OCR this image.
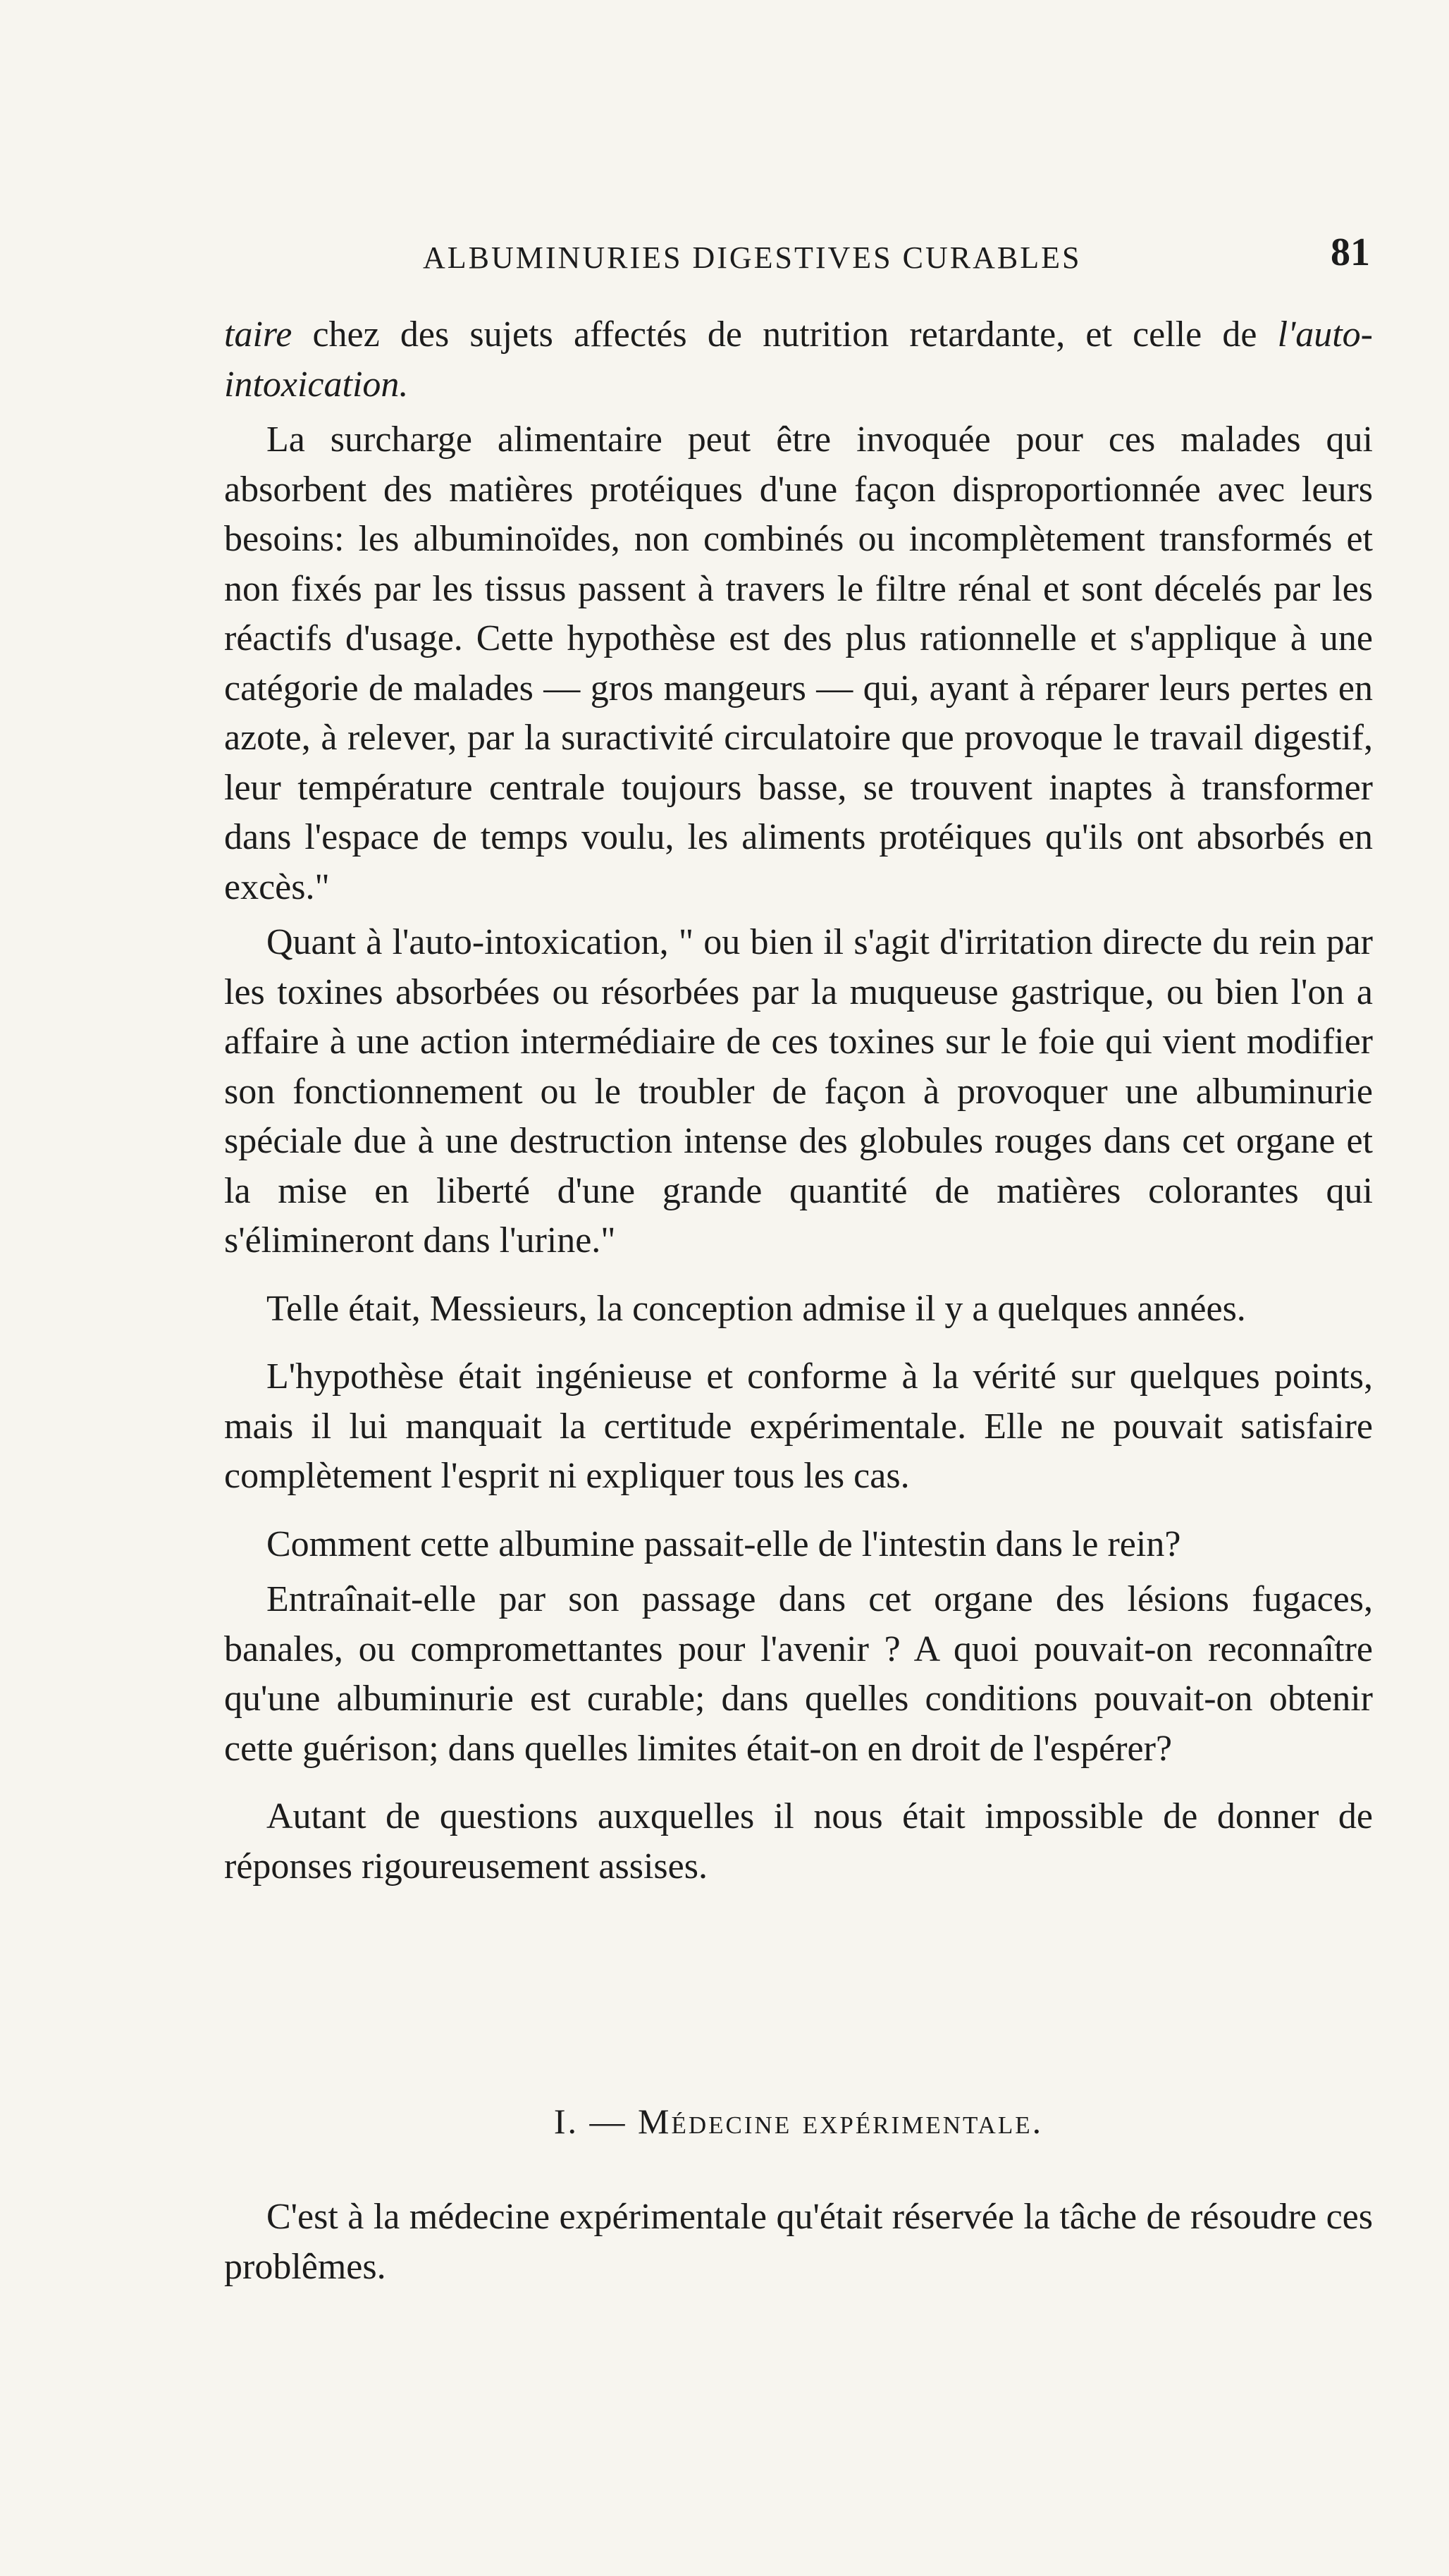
ALBUMINURIES DIGESTIVES CURABLES	81

taire chez des sujets affectés de nutrition retardante, et celle de l'auto-intoxication.

La surcharge alimentaire peut être invoquée pour ces malades qui absorbent des matières protéiques d'une façon disproportionnée avec leurs besoins: les albuminoïdes, non combinés ou incomplètement transformés et non fixés par les tissus passent à travers le filtre rénal et sont décelés par les réactifs d'usage. Cette hypothèse est des plus rationnelle et s'applique à une catégorie de malades — gros mangeurs — qui, ayant à réparer leurs pertes en azote, à relever, par la suractivité circulatoire que provoque le travail digestif, leur température centrale toujours basse, se trouvent inaptes à transformer dans l'espace de temps voulu, les aliments protéiques qu'ils ont absorbés en excès."

Quant à l'auto-intoxication, " ou bien il s'agit d'irritation directe du rein par les toxines absorbées ou résorbées par la muqueuse gastrique, ou bien l'on a affaire à une action intermédiaire de ces toxines sur le foie qui vient modifier son fonctionnement ou le troubler de façon à provoquer une albuminurie spéciale due à une destruction intense des globules rouges dans cet organe et la mise en liberté d'une grande quantité de matières colorantes qui s'élimineront dans l'urine."

Telle était, Messieurs, la conception admise il y a quelques années.

L'hypothèse était ingénieuse et conforme à la vérité sur quelques points, mais il lui manquait la certitude expérimentale. Elle ne pouvait satisfaire complètement l'esprit ni expliquer tous les cas.

Comment cette albumine passait-elle de l'intestin dans le rein?

Entraînait-elle par son passage dans cet organe des lésions fugaces, banales, ou compromettantes pour l'avenir ? A quoi pouvait-on reconnaître qu'une albuminurie est curable; dans quelles conditions pouvait-on obtenir cette guérison; dans quelles limites était-on en droit de l'espérer?

Autant de questions auxquelles il nous était impossible de donner de réponses rigoureusement assises.

I. — Médecine expérimentale.

C'est à la médecine expérimentale qu'était réservée la tâche de résoudre ces problêmes.
